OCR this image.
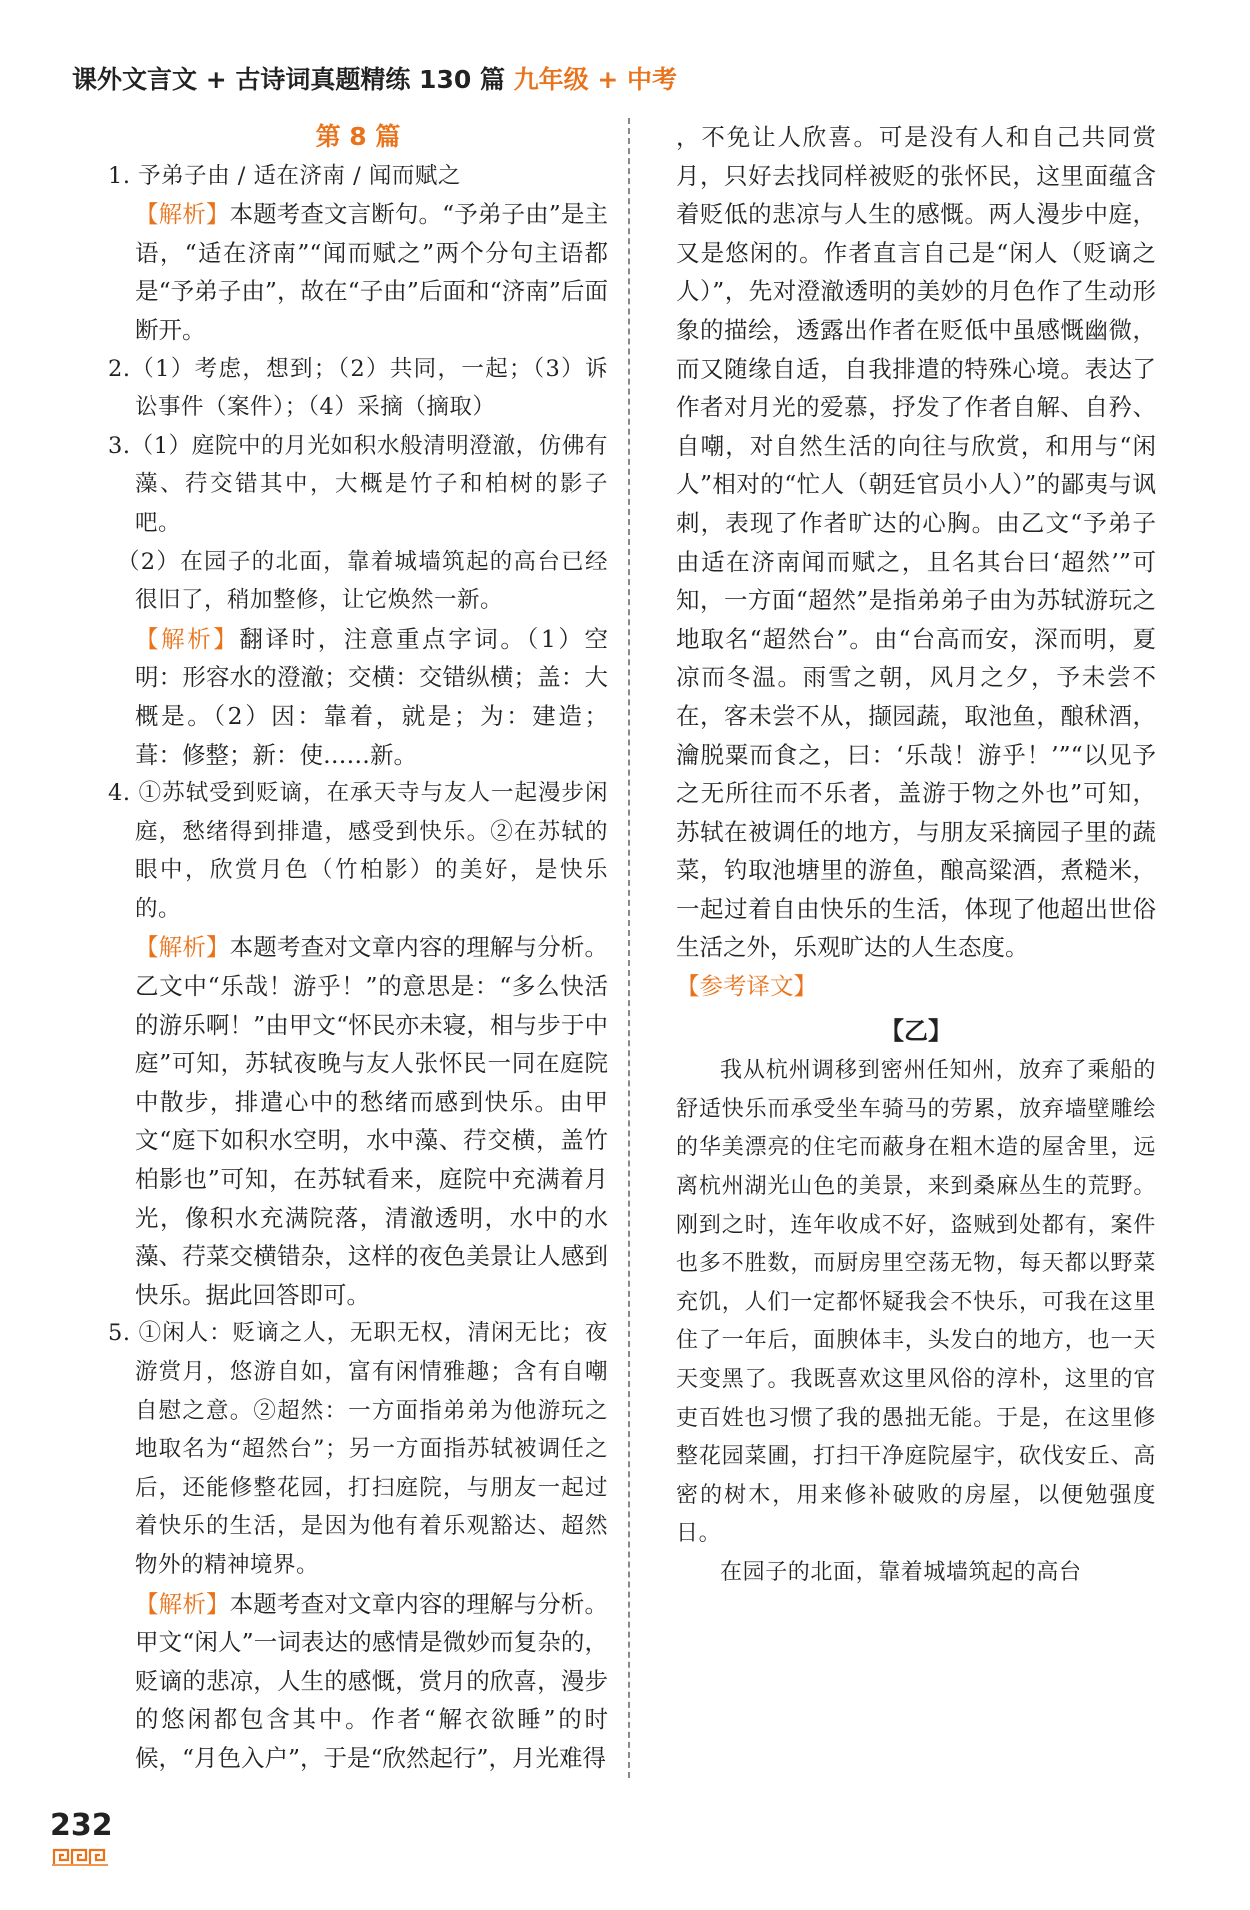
课外文言文 + 古诗词真题精练 130 篇 九年级 + 中考
第 8 篇

1. 予弟子由 / 适在济南 / 闻而赋之

【解析】本题考查文言断句。“予弟子由”是主语，“适在济南”“闻而赋之”两个分句主语都是“予弟子由”，故在“子由”后面和“济南”后面断开。

2.（1）考虑，想到；（2）共同，一起；（3）诉讼事件（案件）；（4）采摘（摘取）

3.（1）庭院中的月光如积水般清明澄澈，仿佛有藻、荇交错其中，大概是竹子和柏树的影子吧。

（2）在园子的北面，靠着城墙筑起的高台已经很旧了，稍加整修，让它焕然一新。

【解析】翻译时，注意重点字词。（1）空明：形容水的澄澈；交横：交错纵横；盖：大概是。（2）因：靠着，就是；为：建造；葺：修整；新：使……新。

4. ①苏轼受到贬谪，在承天寺与友人一起漫步闲庭，愁绪得到排遣，感受到快乐。②在苏轼的眼中，欣赏月色（竹柏影）的美好，是快乐的。

【解析】本题考查对文章内容的理解与分析。乙文中“乐哉！游乎！”的意思是：“多么快活的游乐啊！”由甲文“怀民亦未寝，相与步于中庭”可知，苏轼夜晚与友人张怀民一同在庭院中散步，排遣心中的愁绪而感到快乐。由甲文“庭下如积水空明，水中藻、荇交横，盖竹柏影也”可知，在苏轼看来，庭院中充满着月光，像积水充满院落，清澈透明，水中的水藻、荇菜交横错杂，这样的夜色美景让人感到快乐。据此回答即可。

5. ①闲人：贬谪之人，无职无权，清闲无比；夜游赏月，悠游自如，富有闲情雅趣；含有自嘲自慰之意。②超然：一方面指弟弟为他游玩之地取名为“超然台”；另一方面指苏轼被调任之后，还能修整花园，打扫庭院，与朋友一起过着快乐的生活，是因为他有着乐观豁达、超然物外的精神境界。

【解析】本题考查对文章内容的理解与分析。甲文“闲人”一词表达的感情是微妙而复杂的，贬谪的悲凉，人生的感慨，赏月的欣喜，漫步的悠闲都包含其中。作者“解衣欲睡”的时候，“月色入户”，于是“欣然起行”，月光难得

，不免让人欣喜。可是没有人和自己共同赏月，只好去找同样被贬的张怀民，这里面蕴含着贬低的悲凉与人生的感慨。两人漫步中庭，又是悠闲的。作者直言自己是“闲人（贬谪之人）”，先对澄澈透明的美妙的月色作了生动形象的描绘，透露出作者在贬低中虽感慨幽微，而又随缘自适，自我排遣的特殊心境。表达了作者对月光的爱慕，抒发了作者自解、自矜、自嘲，对自然生活的向往与欣赏，和用与“闲人”相对的“忙人（朝廷官员小人）”的鄙夷与讽刺，表现了作者旷达的心胸。由乙文“予弟子由适在济南闻而赋之，且名其台曰‘超然’”可知，一方面“超然”是指弟弟子由为苏轼游玩之地取名“超然台”。由“台高而安，深而明，夏凉而冬温。雨雪之朝，风月之夕，予未尝不在，客未尝不从，撷园蔬，取池鱼，酿秫酒，瀹脱粟而食之，曰：‘乐哉！游乎！’”“以见予之无所往而不乐者，盖游于物之外也”可知，苏轼在被调任的地方，与朋友采摘园子里的蔬菜，钓取池塘里的游鱼，酿高粱酒，煮糙米，一起过着自由快乐的生活，体现了他超出世俗生活之外，乐观旷达的人生态度。

【参考译文】

【乙】

我从杭州调移到密州任知州，放弃了乘船的舒适快乐而承受坐车骑马的劳累，放弃墙壁雕绘的华美漂亮的住宅而蔽身在粗木造的屋舍里，远离杭州湖光山色的美景，来到桑麻丛生的荒野。刚到之时，连年收成不好，盗贼到处都有，案件也多不胜数，而厨房里空荡无物，每天都以野菜充饥，人们一定都怀疑我会不快乐，可我在这里住了一年后，面腴体丰，头发白的地方，也一天天变黑了。我既喜欢这里风俗的淳朴，这里的官吏百姓也习惯了我的愚拙无能。于是，在这里修整花园菜圃，打扫干净庭院屋宇，砍伐安丘、高密的树木，用来修补破败的房屋，以便勉强度日。

在园子的北面，靠着城墙筑起的高台

232
